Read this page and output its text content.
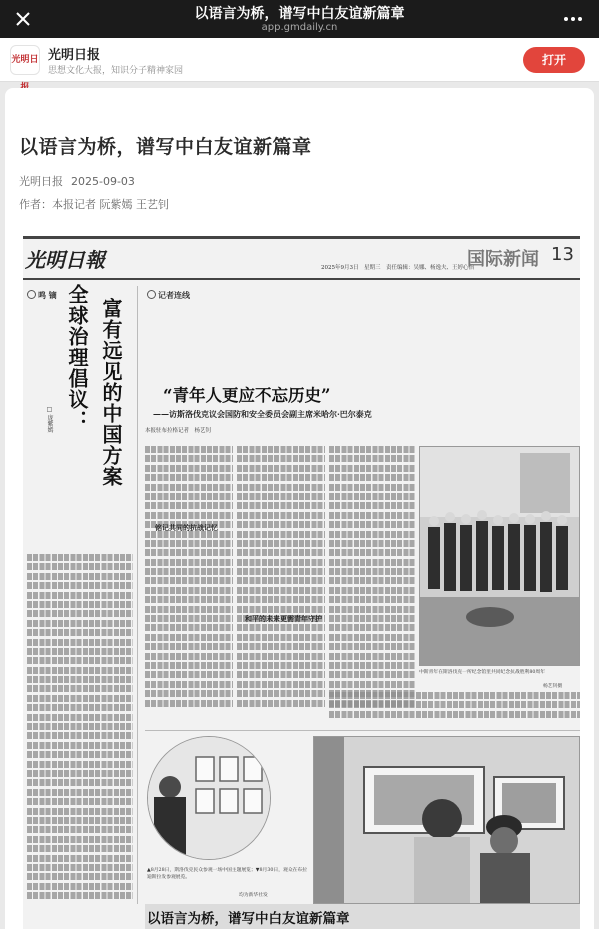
以语言为桥，谱写中白友谊新篇章
app.gmdaily.cn
光明日 光明日报
思想文化大报，知识分子精神家园
打开
以语言为桥，谱写中白友谊新篇章
光明日报 2025-09-03
作者：本报记者 阮紫嫣 王艺钊
光明日報	2025年9月3日　星期三　责任编辑：吴娜、杨逸夫、王婷心怡
国际新闻 13
鸣 镝
富有远见的中国方案
全球治理倡议：
□ 庞紫嫣
记者连线
“青年人更应不忘历史”
——访斯洛伐克议会国防和安全委员会副主席米哈尔·巴尔泰克
本报驻布拉格记者　杨艺钊
铭记共同的抗战记忆
和平的未来更需青年守护
中斯青年在斯洛伐克一所纪念馆里共同纪念抗战胜利80周年
杨艺钊摄
▲8月28日，斯洛伐克民众参观一场中国主题展览；▼8月30日，观众在布拉迪斯拉发参观展览。
均为新华社发
以语言为桥，谱写中白友谊新篇章
